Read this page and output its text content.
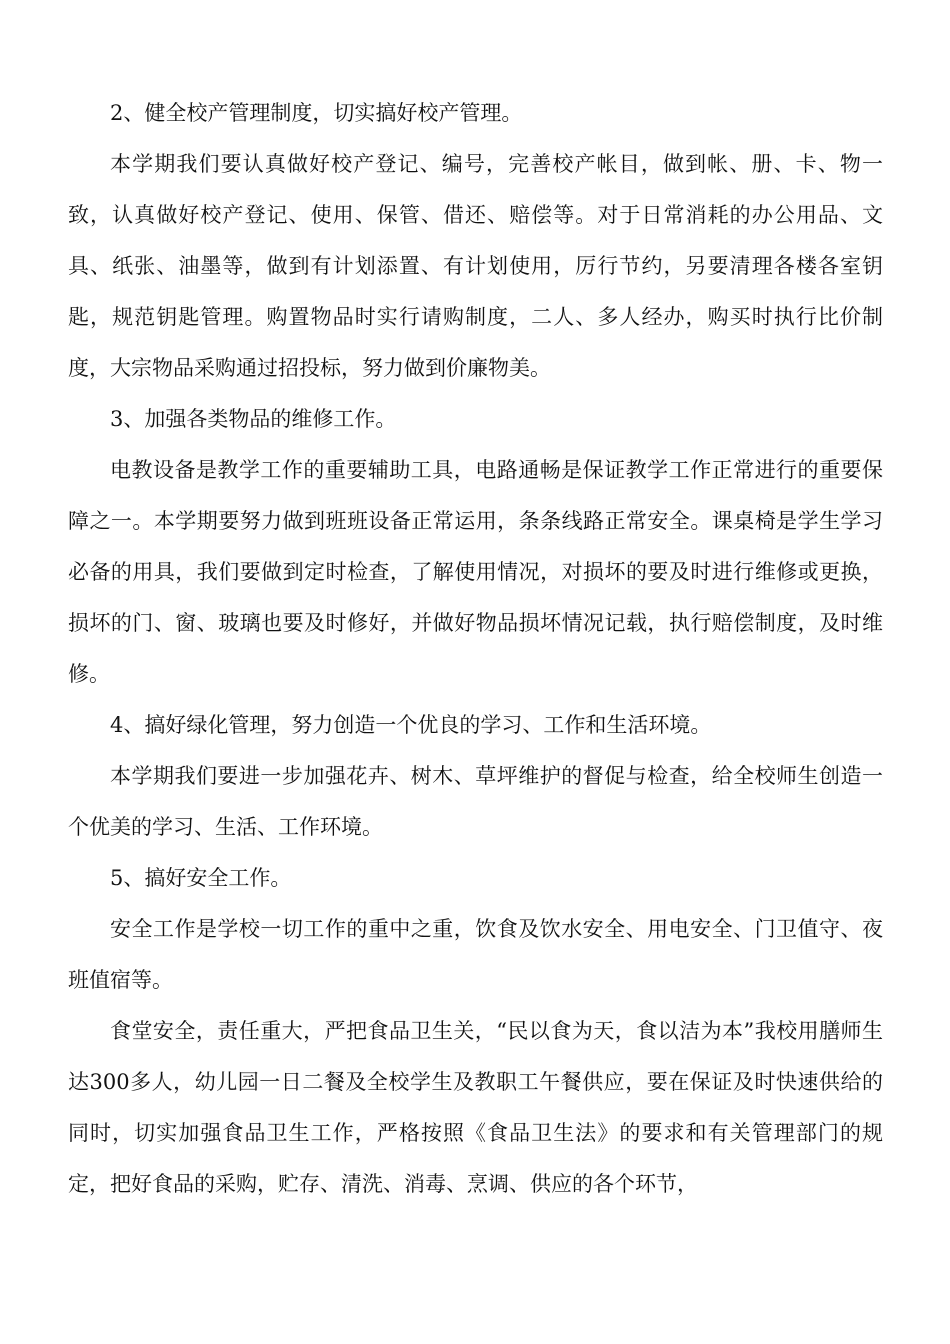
2、健全校产管理制度，切实搞好校产管理。

本学期我们要认真做好校产登记、编号，完善校产帐目，做到帐、册、卡、物一致，认真做好校产登记、使用、保管、借还、赔偿等。对于日常消耗的办公用品、文具、纸张、油墨等，做到有计划添置、有计划使用，厉行节约，另要清理各楼各室钥匙，规范钥匙管理。购置物品时实行请购制度，二人、多人经办，购买时执行比价制度，大宗物品采购通过招投标，努力做到价廉物美。

3、加强各类物品的维修工作。

电教设备是教学工作的重要辅助工具，电路通畅是保证教学工作正常进行的重要保障之一。本学期要努力做到班班设备正常运用，条条线路正常安全。课桌椅是学生学习必备的用具，我们要做到定时检查，了解使用情况，对损坏的要及时进行维修或更换，损坏的门、窗、玻璃也要及时修好，并做好物品损坏情况记载，执行赔偿制度，及时维修。

4、搞好绿化管理，努力创造一个优良的学习、工作和生活环境。

本学期我们要进一步加强花卉、树木、草坪维护的督促与检查，给全校师生创造一个优美的学习、生活、工作环境。

5、搞好安全工作。

安全工作是学校一切工作的重中之重，饮食及饮水安全、用电安全、门卫值守、夜班值宿等。

食堂安全，责任重大，严把食品卫生关，“民以食为天，食以洁为本”我校用膳师生达300多人，幼儿园一日二餐及全校学生及教职工午餐供应，要在保证及时快速供给的同时，切实加强食品卫生工作，严格按照《食品卫生法》的要求和有关管理部门的规定，把好食品的采购，贮存、清洗、消毒、烹调、供应的各个环节，
